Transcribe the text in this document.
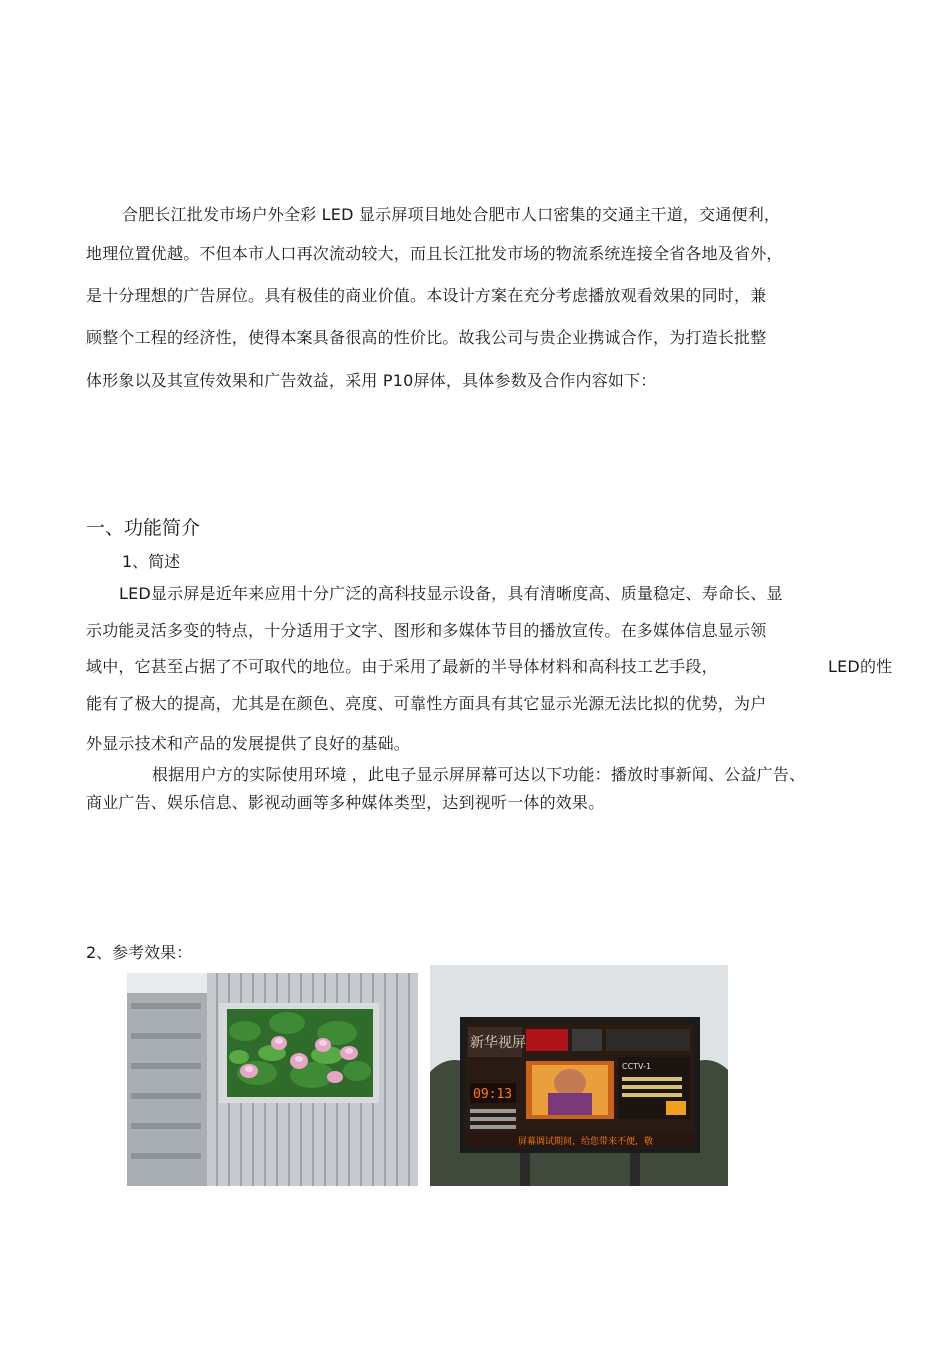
合肥长江批发市场户外全彩 LED 显示屏项目地处合肥市人口密集的交通主干道，交通便利，
地理位置优越。不但本市人口再次流动较大，而且长江批发市场的物流系统连接全省各地及省外，
是十分理想的广告屏位。具有极佳的商业价值。本设计方案在充分考虑播放观看效果的同时，兼
顾整个工程的经济性，使得本案具备很高的性价比。故我公司与贵企业携诚合作，为打造长批整
体形象以及其宣传效果和广告效益，采用 P10屏体，具体参数及合作内容如下：
一、功能简介
1、简述
LED显示屏是近年来应用十分广泛的高科技显示设备，具有清晰度高、质量稳定、寿命长、显
示功能灵活多变的特点，十分适用于文字、图形和多媒体节目的播放宣传。在多媒体信息显示领
域中，它甚至占据了不可取代的地位。由于采用了最新的半导体材料和高科技工艺手段，	LED的性
能有了极大的提高，尤其是在颜色、亮度、可靠性方面具有其它显示光源无法比拟的优势，为户
外显示技术和产品的发展提供了良好的基础。
根据用户方的实际使用环境 ，此电子显示屏屏幕可达以下功能：播放时事新闻、公益广告、
商业广告、娱乐信息、影视动画等多种媒体类型，达到视听一体的效果。
2、参考效果：
新华视屏
09:13
CCTV-1
屏幕调试期间，给您带来不便，敬
